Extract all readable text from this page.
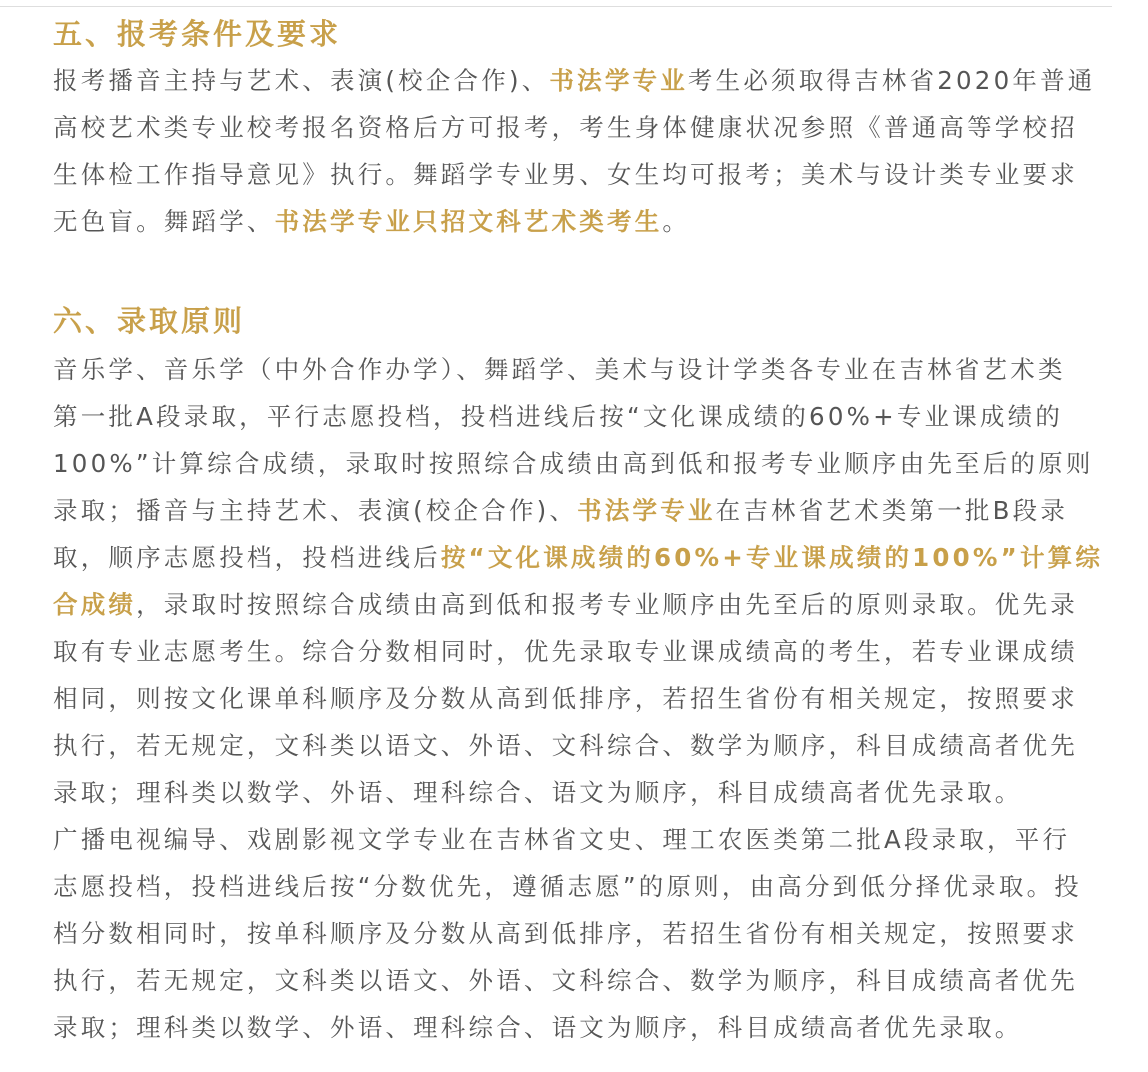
五、报考条件及要求

报考播音主持与艺术、表演(校企合作)、书法学专业考生必须取得吉林省2020年普通
高校艺术类专业校考报名资格后方可报考，考生身体健康状况参照《普通高等学校招
生体检工作指导意见》执行。舞蹈学专业男、女生均可报考；美术与设计类专业要求
无色盲。舞蹈学、书法学专业只招文科艺术类考生。

六、录取原则

音乐学、音乐学（中外合作办学）、舞蹈学、美术与设计学类各专业在吉林省艺术类
第一批A段录取，平行志愿投档，投档进线后按“文化课成绩的60%+专业课成绩的
100%”计算综合成绩，录取时按照综合成绩由高到低和报考专业顺序由先至后的原则
录取；播音与主持艺术、表演(校企合作)、书法学专业在吉林省艺术类第一批B段录
取，顺序志愿投档，投档进线后按“文化课成绩的60%+专业课成绩的100%”计算综
合成绩，录取时按照综合成绩由高到低和报考专业顺序由先至后的原则录取。优先录
取有专业志愿考生。综合分数相同时，优先录取专业课成绩高的考生，若专业课成绩
相同，则按文化课单科顺序及分数从高到低排序，若招生省份有相关规定，按照要求
执行，若无规定，文科类以语文、外语、文科综合、数学为顺序，科目成绩高者优先
录取；理科类以数学、外语、理科综合、语文为顺序，科目成绩高者优先录取。

广播电视编导、戏剧影视文学专业在吉林省文史、理工农医类第二批A段录取，平行
志愿投档，投档进线后按“分数优先，遵循志愿”的原则，由高分到低分择优录取。投
档分数相同时，按单科顺序及分数从高到低排序，若招生省份有相关规定，按照要求
执行，若无规定，文科类以语文、外语、文科综合、数学为顺序，科目成绩高者优先
录取；理科类以数学、外语、理科综合、语文为顺序，科目成绩高者优先录取。
